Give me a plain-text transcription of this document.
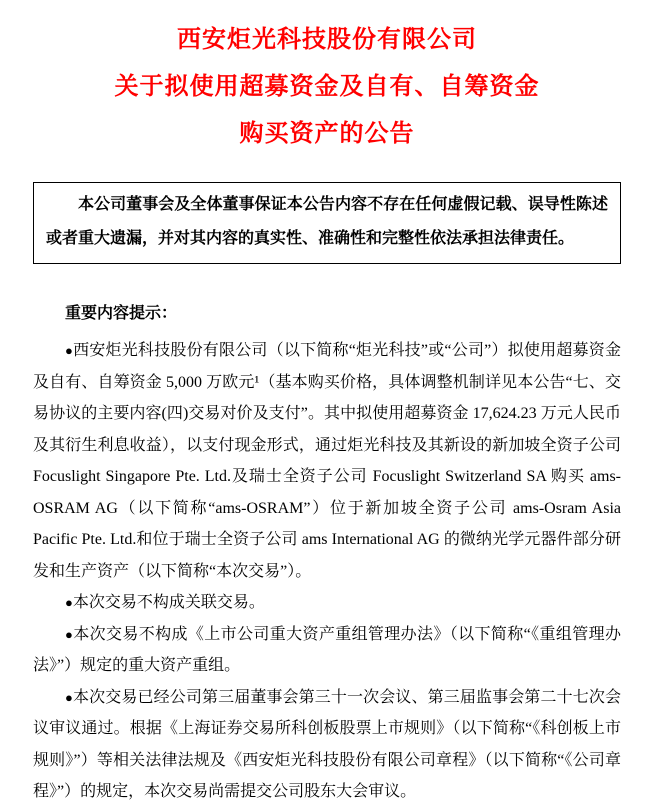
西安炬光科技股份有限公司
关于拟使用超募资金及自有、自筹资金
购买资产的公告

本公司董事会及全体董事保证本公告内容不存在任何虚假记载、误导性陈述或者重大遗漏，并对其内容的真实性、准确性和完整性依法承担法律责任。

重要内容提示：

●西安炬光科技股份有限公司（以下简称“炬光科技”或“公司”）拟使用超募资金及自有、自筹资金 5,000 万欧元¹（基本购买价格，具体调整机制详见本公告“七、交易协议的主要内容(四)交易对价及支付”。其中拟使用超募资金 17,624.23 万元人民币及其衍生利息收益），以支付现金形式，通过炬光科技及其新设的新加坡全资子公司 Focuslight Singapore Pte. Ltd.及瑞士全资子公司 Focuslight Switzerland SA 购买 ams-OSRAM AG（以下简称“ams-OSRAM”）位于新加坡全资子公司 ams-Osram Asia Pacific Pte. Ltd.和位于瑞士全资子公司 ams International AG 的微纳光学元器件部分研发和生产资产（以下简称“本次交易”）。

●本次交易不构成关联交易。

●本次交易不构成《上市公司重大资产重组管理办法》（以下简称“《重组管理办法》”）规定的重大资产重组。

●本次交易已经公司第三届董事会第三十一次会议、第三届监事会第二十七次会议审议通过。根据《上海证券交易所科创板股票上市规则》（以下简称“《科创板上市规则》”）等相关法律法规及《西安炬光科技股份有限公司章程》（以下简称“《公司章程》”）的规定，本次交易尚需提交公司股东大会审议。
